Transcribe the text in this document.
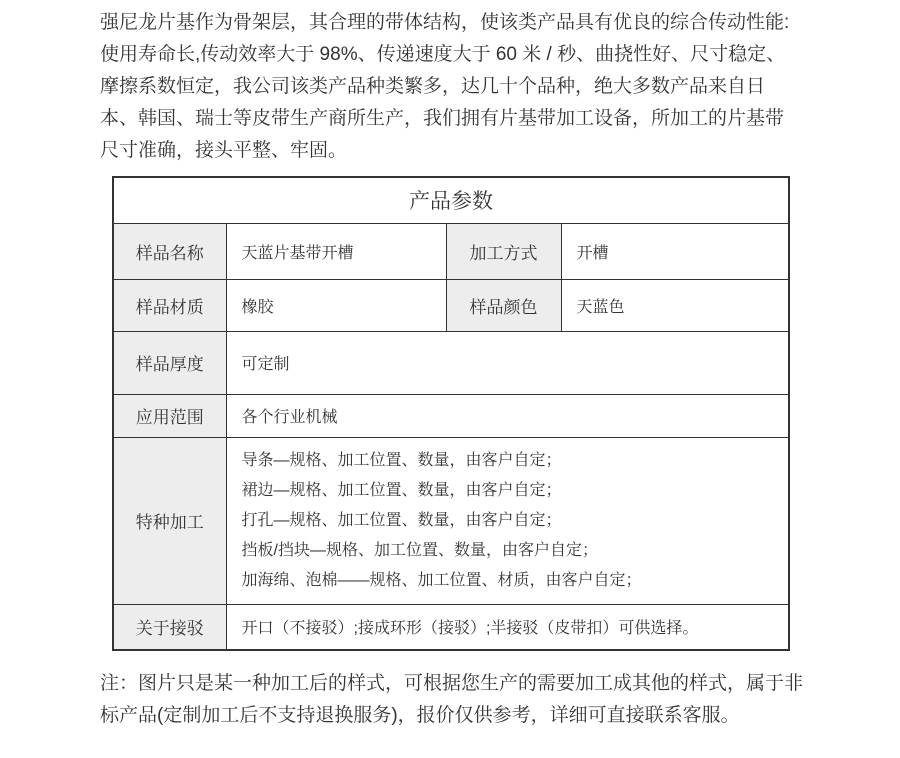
强尼龙片基作为骨架层，其合理的带体结构，使该类产品具有优良的综合传动性能: 使用寿命长,传动效率大于 98%、传递速度大于 60 米 / 秒、曲挠性好、尺寸稳定、摩擦系数恒定，我公司该类产品种类繁多，达几十个品种，绝大多数产品来自日本、韩国、瑞士等皮带生产商所生产，我们拥有片基带加工设备，所加工的片基带尺寸准确，接头平整、牢固。

产品参数			
样品名称	天蓝片基带开槽	加工方式	开槽
样品材质	橡胶	样品颜色	天蓝色
样品厚度	可定制		
应用范围	各个行业机械		
特种加工	导条—规格、加工位置、数量，由客户自定；
裙边—规格、加工位置、数量，由客户自定；
打孔—规格、加工位置、数量，由客户自定；
挡板/挡块—规格、加工位置、数量，由客户自定；
加海绵、泡棉——规格、加工位置、材质，由客户自定；		

关于接驳	开口（不接驳）;接成环形（接驳）;半接驳（皮带扣）可供选择。		

注：图片只是某一种加工后的样式，可根据您生产的需要加工成其他的样式，属于非标产品(定制加工后不支持退换服务)，报价仅供参考，详细可直接联系客服。
